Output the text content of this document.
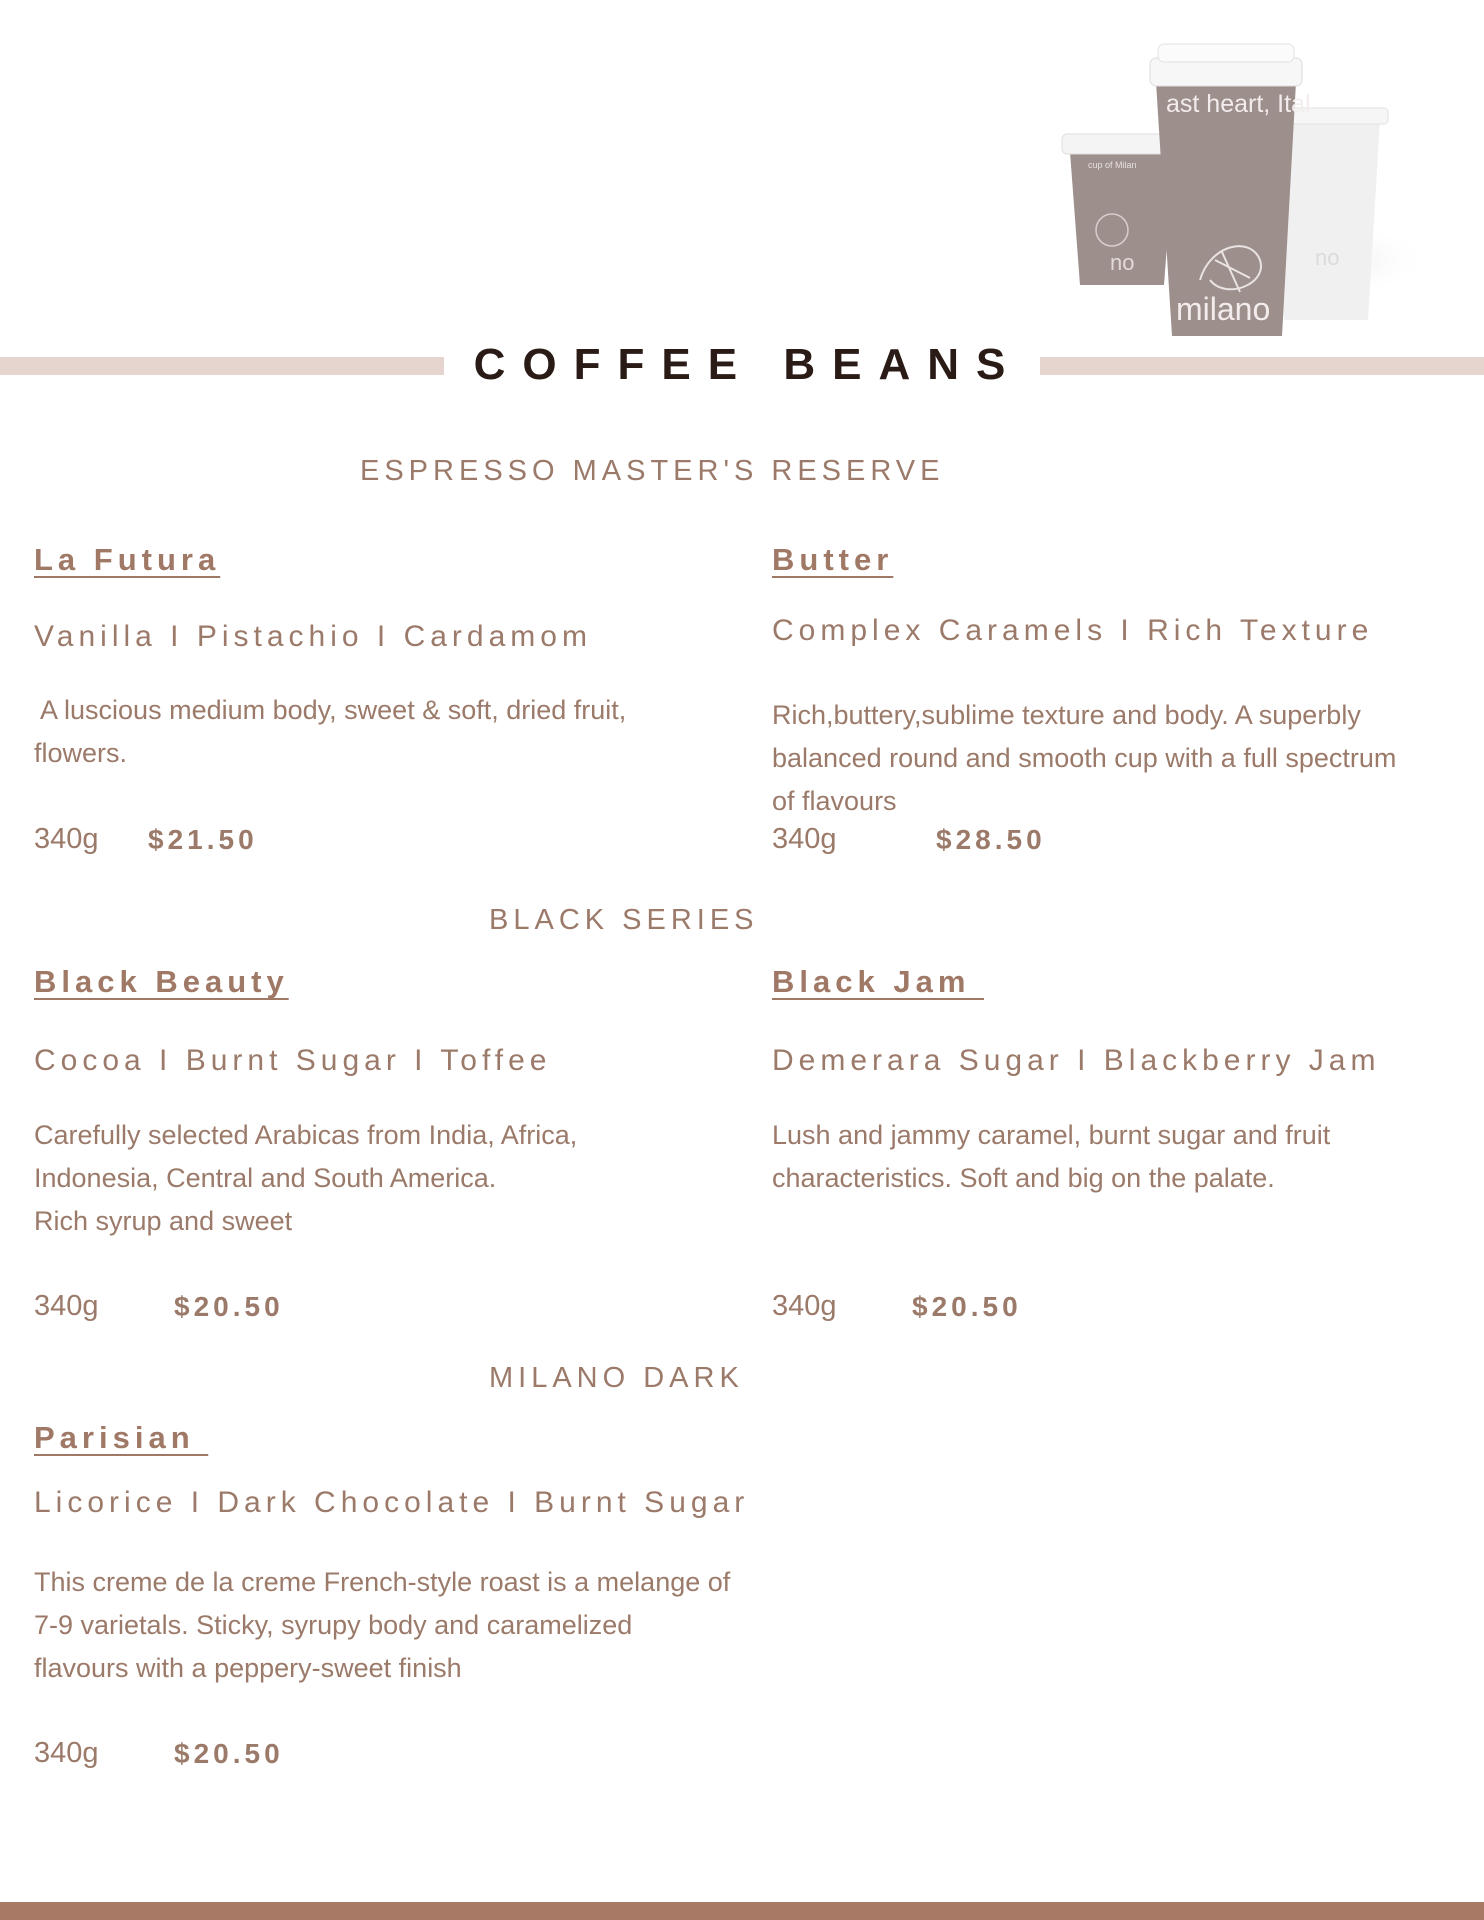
no
cup of Milan
no
ast heart, Ital
milano
COFFEE BEANS
ESPRESSO MASTER'S RESERVE
La Futura
Vanilla I Pistachio I Cardamom
A luscious medium body, sweet & soft, dried fruit,
flowers.
340g $21.50
Butter
Complex Caramels I Rich Texture
Rich,buttery,sublime texture and body. A superbly
balanced round and smooth cup with a full spectrum
of flavours
340g	$28.50
BLACK SERIES
Black Beauty
Cocoa I Burnt Sugar I Toffee
Carefully selected Arabicas from India, Africa,
Indonesia, Central and South America.
Rich syrup and sweet
340g	$20.50
Black Jam
Demerara Sugar I Blackberry Jam
Lush and jammy caramel, burnt sugar and fruit
characteristics. Soft and big on the palate.
340g	$20.50
MILANO DARK
Parisian
Licorice I Dark Chocolate I Burnt Sugar
This creme de la creme French-style roast is a melange of
7-9 varietals. Sticky, syrupy body and caramelized
flavours with a peppery-sweet finish
340g	$20.50
